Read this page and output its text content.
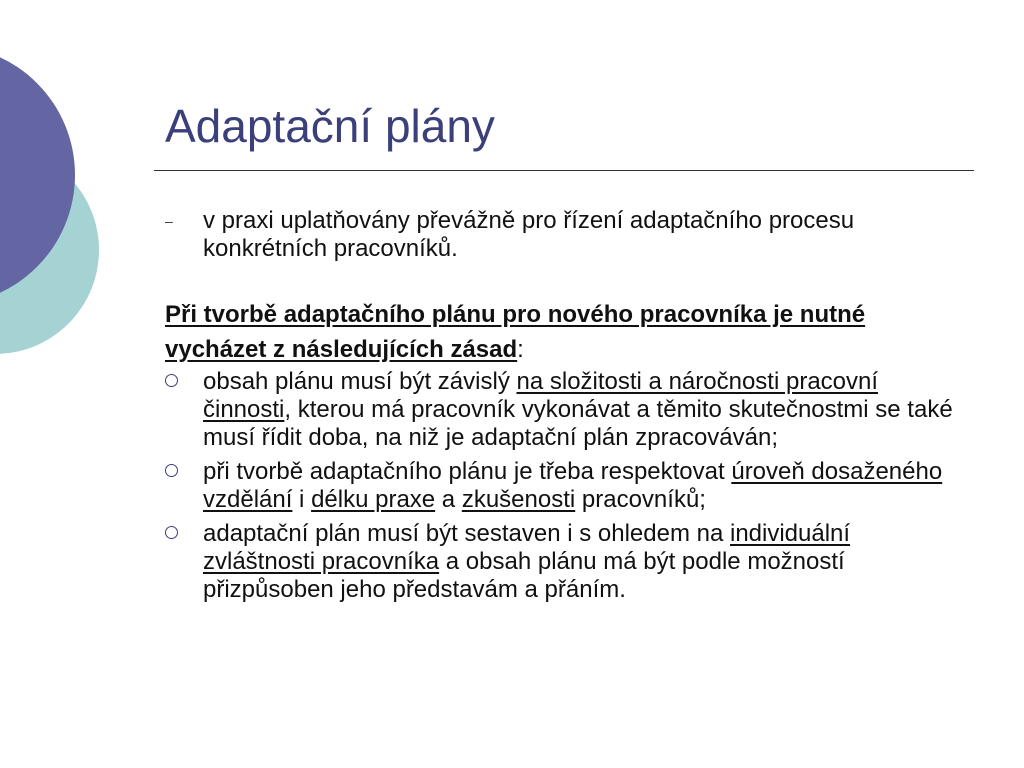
Adaptační plány
– v praxi uplatňovány převážně pro řízení adaptačního procesu konkrétních pracovníků.
Při tvorbě adaptačního plánu pro nového pracovníka je nutné vycházet z následujících zásad:
obsah plánu musí být závislý na složitosti a náročnosti pracovní činnosti, kterou má pracovník vykonávat a těmito skutečnostmi se také musí řídit doba, na niž je adaptační plán zpracováván;
při tvorbě adaptačního plánu je třeba respektovat úroveň dosaženého vzdělání i délku praxe a zkušenosti pracovníků;
adaptační plán musí být sestaven i s ohledem na individuální zvláštnosti pracovníka a obsah plánu má být podle možností přizpůsoben jeho představám a přáním.
